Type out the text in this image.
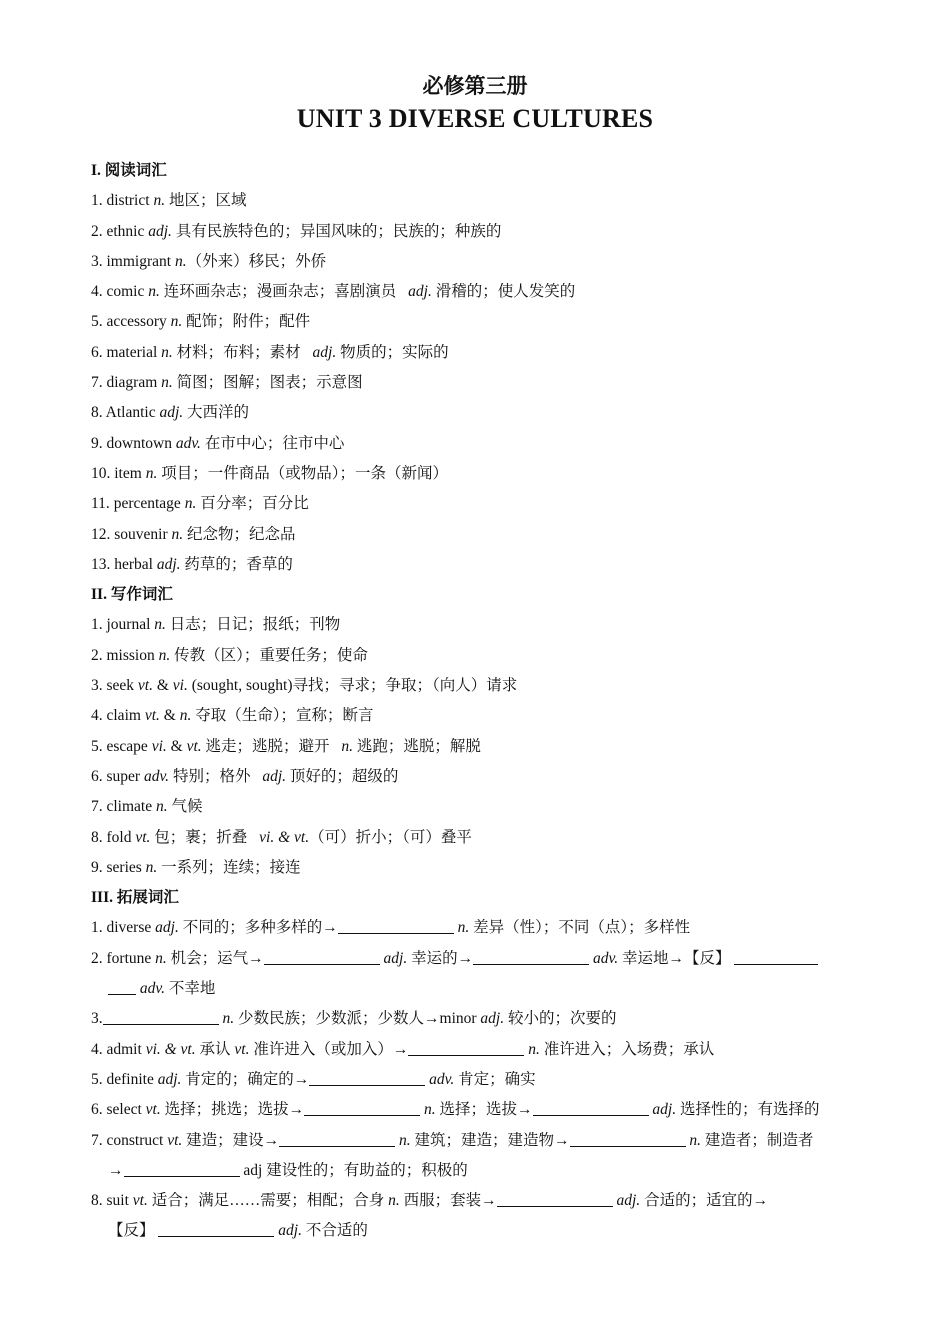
必修第三册
UNIT 3 DIVERSE CULTURES
I. 阅读词汇
1. district n. 地区；区域
2. ethnic adj. 具有民族特色的；异国风味的；民族的；种族的
3. immigrant n.（外来）移民；外侨
4. comic n. 连环画杂志；漫画杂志；喜剧演员 adj. 滑稽的；使人发笑的
5. accessory n. 配饰；附件；配件
6. material n. 材料；布料；素材 adj. 物质的；实际的
7. diagram n. 简图；图解；图表；示意图
8. Atlantic adj. 大西洋的
9. downtown adv. 在市中心；往市中心
10. item n. 项目；一件商品（或物品）；一条（新闻）
11. percentage n. 百分率；百分比
12. souvenir n. 纪念物；纪念品
13. herbal adj. 药草的；香草的
II. 写作词汇
1. journal n. 日志；日记；报纸；刊物
2. mission n. 传教（区）；重要任务；使命
3. seek vt. & vi. (sought, sought)寻找；寻求；争取；（向人）请求
4. claim vt. & n. 夺取（生命）；宣称；断言
5. escape vi. & vt. 逃走；逃脱；避开 n. 逃跑；逃脱；解脱
6. super adv. 特别；格外 adj. 顶好的；超级的
7. climate n. 气候
8. fold vt. 包；裹；折叠 vi. & vt.（可）折小；（可）叠平
9. series n. 一系列；连续；接连
III. 拓展词汇
1. diverse adj. 不同的；多种多样的→	n. 差异（性）；不同（点）；多样性
2. fortune n. 机会；运气→	adj. 幸运的→	adv. 幸运地→【反】
adv. 不幸地
3.	n. 少数民族；少数派；少数人→minor adj. 较小的；次要的
4. admit vi. & vt. 承认 vt. 准许进入（或加入）→	n. 准许进入；入场费；承认
5. definite adj. 肯定的；确定的→	adv. 肯定；确实
6. select vt. 选择；挑选；选拔→	n. 选择；选拔→	adj. 选择性的；有选择的
7. construct vt. 建造；建设→	n. 建筑；建造；建造物→	n. 建造者；制造者
→	adj 建设性的；有助益的；积极的
8. suit vt. 适合；满足……需要；相配；合身 n. 西服；套装→	adj. 合适的；适宜的→
【反】	adj. 不合适的
